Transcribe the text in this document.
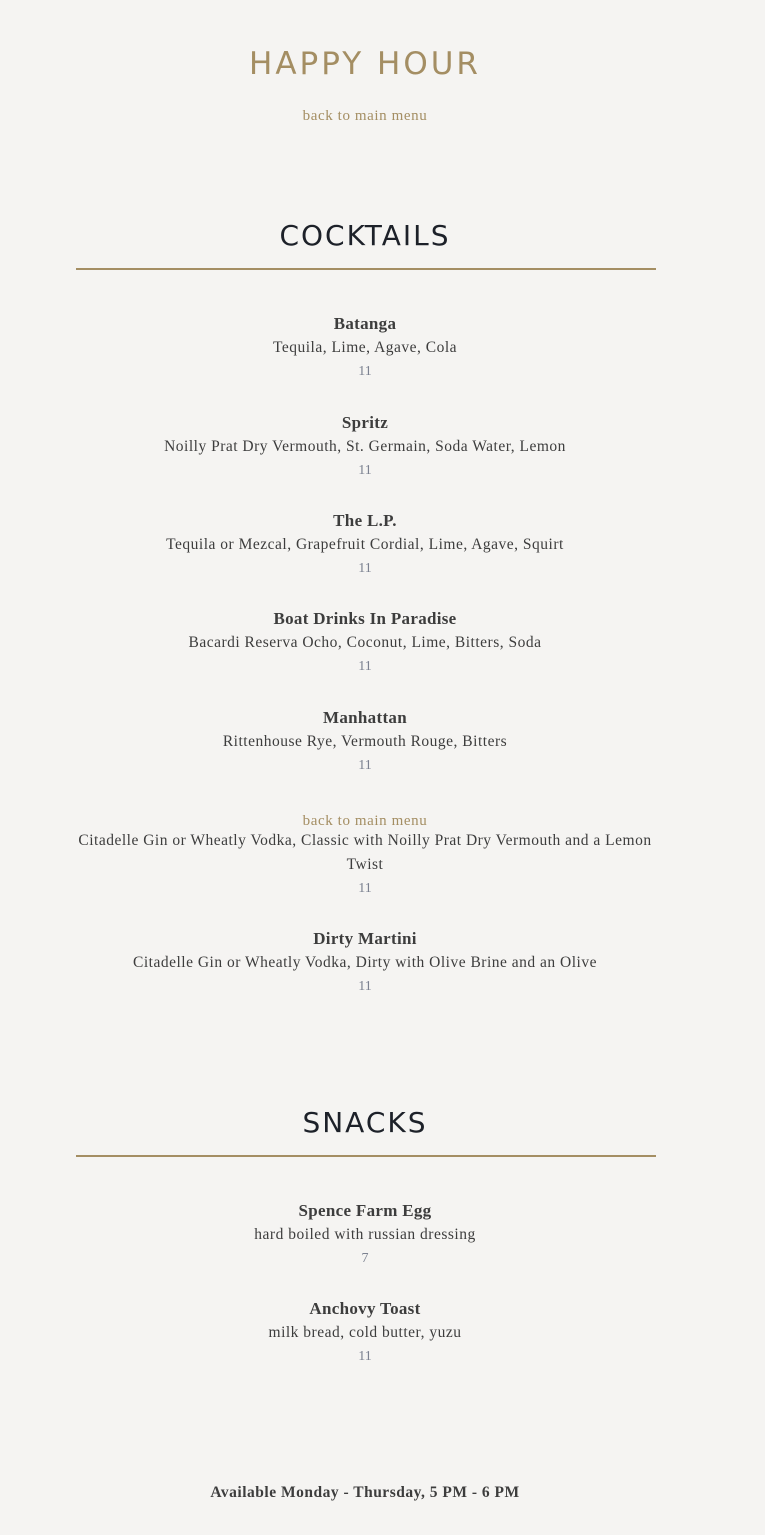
HAPPY HOUR
back to main menu
COCKTAILS
Batanga
Tequila, Lime, Agave, Cola
11
Spritz
Noilly Prat Dry Vermouth, St. Germain, Soda Water, Lemon
11
The L.P.
Tequila or Mezcal, Grapefruit Cordial, Lime, Agave, Squirt
11
Boat Drinks In Paradise
Bacardi Reserva Ocho, Coconut, Lime, Bitters, Soda
11
Manhattan
Rittenhouse Rye, Vermouth Rouge, Bitters
11
back to main menu
Citadelle Gin or Wheatly Vodka, Classic with Noilly Prat Dry Vermouth and a Lemon Twist
11
Dirty Martini
Citadelle Gin or Wheatly Vodka, Dirty with Olive Brine and an Olive
11
SNACKS
Spence Farm Egg
hard boiled with russian dressing
7
Anchovy Toast
milk bread, cold butter, yuzu
11
Available Monday - Thursday, 5 PM - 6 PM
